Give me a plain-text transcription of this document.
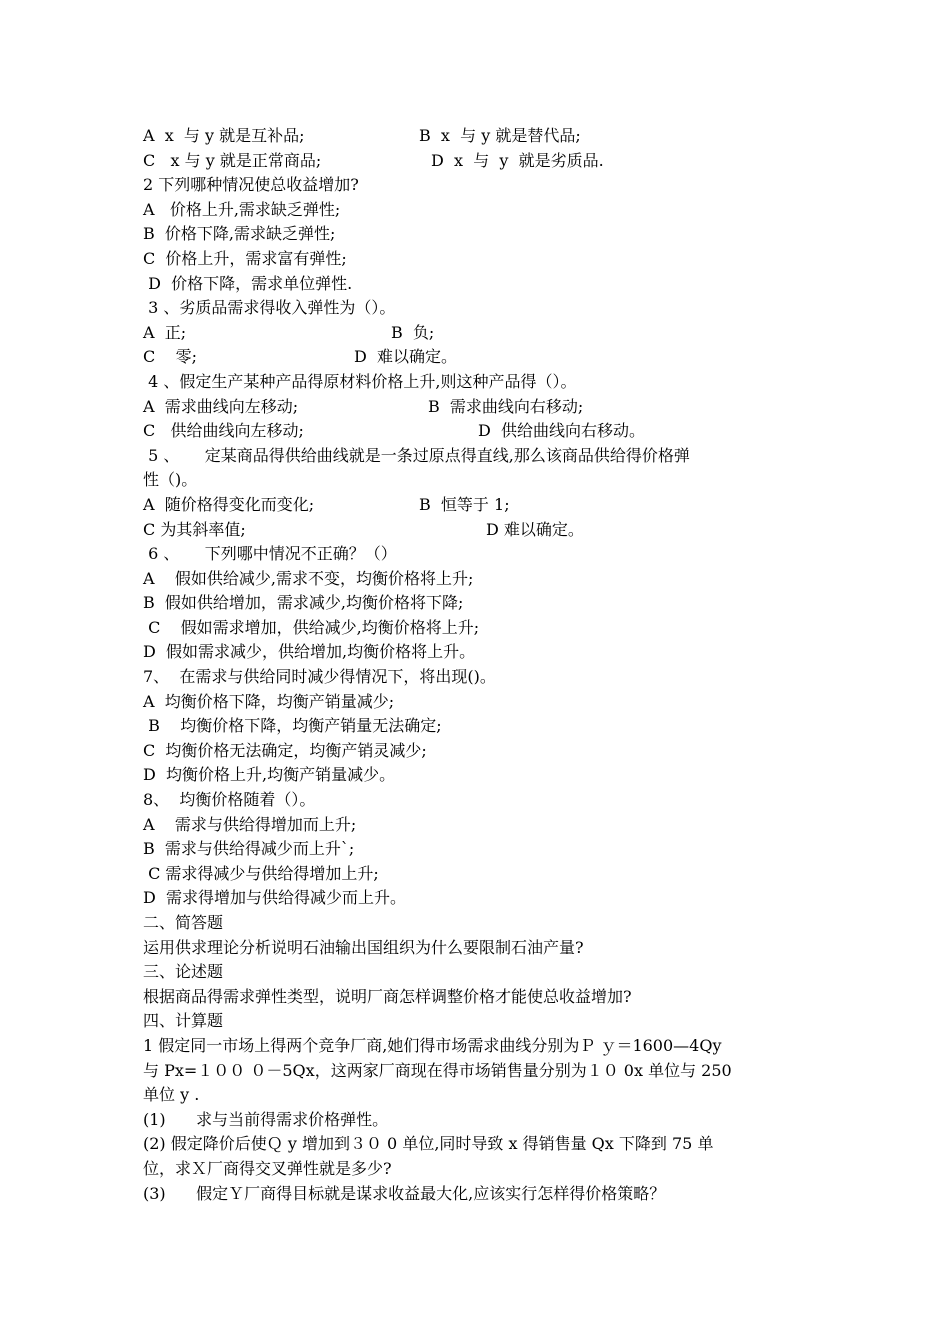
A  x  与 y 就是互补品;	B  x  与 y 就是替代品;
C   x 与 y 就是正常商品;	D  x  与  y  就是劣质品.
2 下列哪种情况使总收益增加?
A   价格上升,需求缺乏弹性;
B  价格下降,需求缺乏弹性;
C  价格上升，需求富有弹性;
D  价格下降，需求单位弹性.
3 、劣质品需求得收入弹性为（）。
A  正;	B  负;
C    零;	D  难以确定。
4 、假定生产某种产品得原材料价格上升,则这种产品得（）。
A  需求曲线向左移动;	B  需求曲线向右移动;
C   供给曲线向左移动;	D  供给曲线向右移动。
5 、     定某商品得供给曲线就是一条过原点得直线,那么该商品供给得价格弹
性（)。
A  随价格得变化而变化;	B  恒等于 1;
C 为其斜率值;	D 难以确定。
6 、     下列哪中情况不正确？（）
A    假如供给减少,需求不变，均衡价格将上升;
B  假如供给增加，需求减少,均衡价格将下降;
C    假如需求增加，供给减少,均衡价格将上升;
D  假如需求减少，供给增加,均衡价格将上升。
7、  在需求与供给同时减少得情况下，将出现()。
A  均衡价格下降，均衡产销量减少;
B    均衡价格下降，均衡产销量无法确定;
C  均衡价格无法确定，均衡产销灵减少;
D  均衡价格上升,均衡产销量减少。
8、  均衡价格随着（）。
A    需求与供给得增加而上升;
B  需求与供给得减少而上升`;
C 需求得减少与供给得增加上升;
D  需求得增加与供给得减少而上升。
二、简答题
运用供求理论分析说明石油输出国组织为什么要限制石油产量?
三、论述题
根据商品得需求弹性类型，说明厂商怎样调整价格才能使总收益增加?
四、计算题
1 假定同一市场上得两个竞争厂商,她们得市场需求曲线分别为Ｐ ｙ＝1600—4Qy
与 Px=１００ ０－5Qx，这两家厂商现在得市场销售量分别为１０ 0x 单位与 250
单位 y .
(1)      求与当前得需求价格弹性。
(2) 假定降价后使Ｑ y 增加到３０ 0 单位,同时导致 x 得销售量 Qx 下降到 75 单
位，求Ｘ厂商得交叉弹性就是多少?
(3)      假定Ｙ厂商得目标就是谋求收益最大化,应该实行怎样得价格策略？
